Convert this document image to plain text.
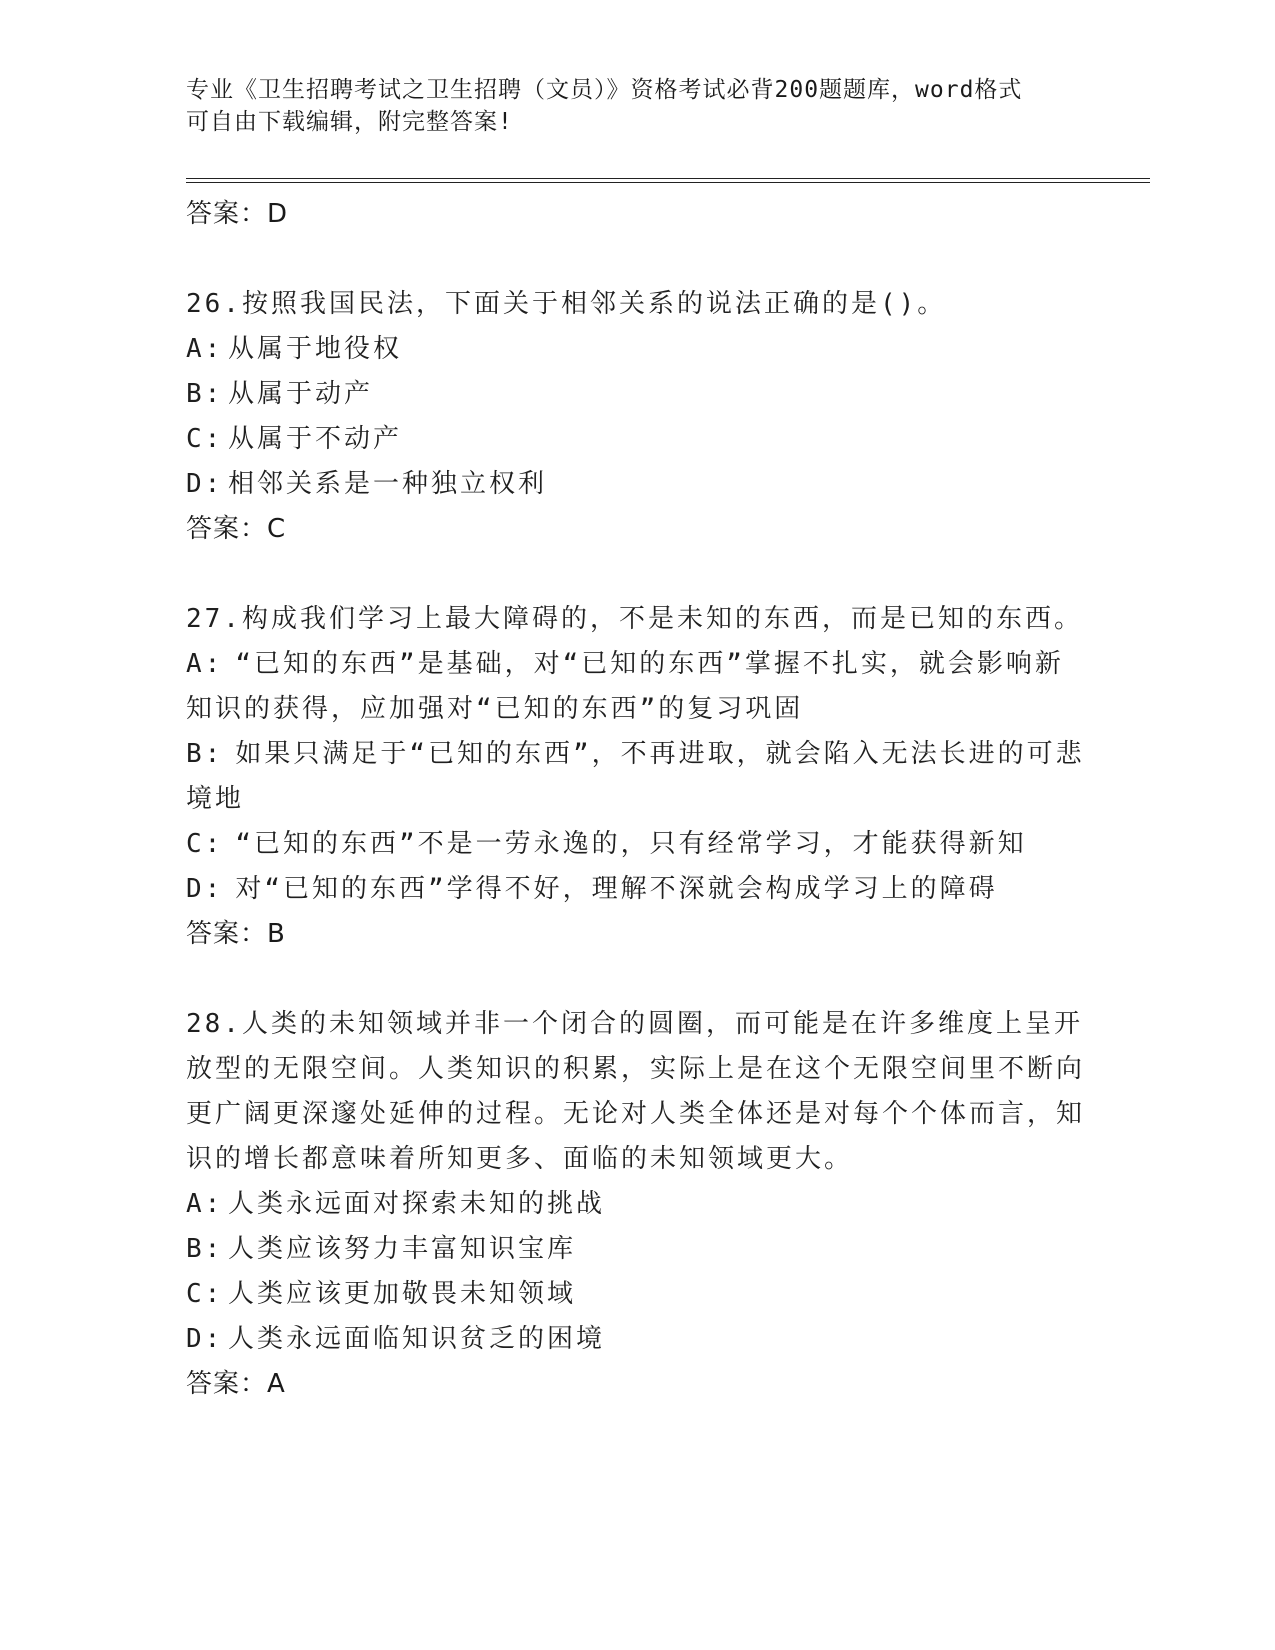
专业《卫生招聘考试之卫生招聘（文员）》资格考试必背200题题库，word格式
可自由下载编辑，附完整答案!
答案：D
26.按照我国民法，下面关于相邻关系的说法正确的是()。
A: 从属于地役权
B: 从属于动产
C: 从属于不动产
D: 相邻关系是一种独立权利
答案：C
27.构成我们学习上最大障碍的，不是未知的东西，而是已知的东西。
A: “已知的东西”是基础，对“已知的东西”掌握不扎实，就会影响新知识的获得，应加强对“已知的东西”的复习巩固
B: 如果只满足于“已知的东西”，不再进取，就会陷入无法长进的可悲境地
C: “已知的东西”不是一劳永逸的，只有经常学习，才能获得新知
D: 对“已知的东西”学得不好，理解不深就会构成学习上的障碍
答案：B
28.人类的未知领域并非一个闭合的圆圈，而可能是在许多维度上呈开放型的无限空间。人类知识的积累，实际上是在这个无限空间里不断向更广阔更深邃处延伸的过程。无论对人类全体还是对每个个体而言，知识的增长都意味着所知更多、面临的未知领域更大。
A: 人类永远面对探索未知的挑战
B: 人类应该努力丰富知识宝库
C: 人类应该更加敬畏未知领域
D: 人类永远面临知识贫乏的困境
答案：A
